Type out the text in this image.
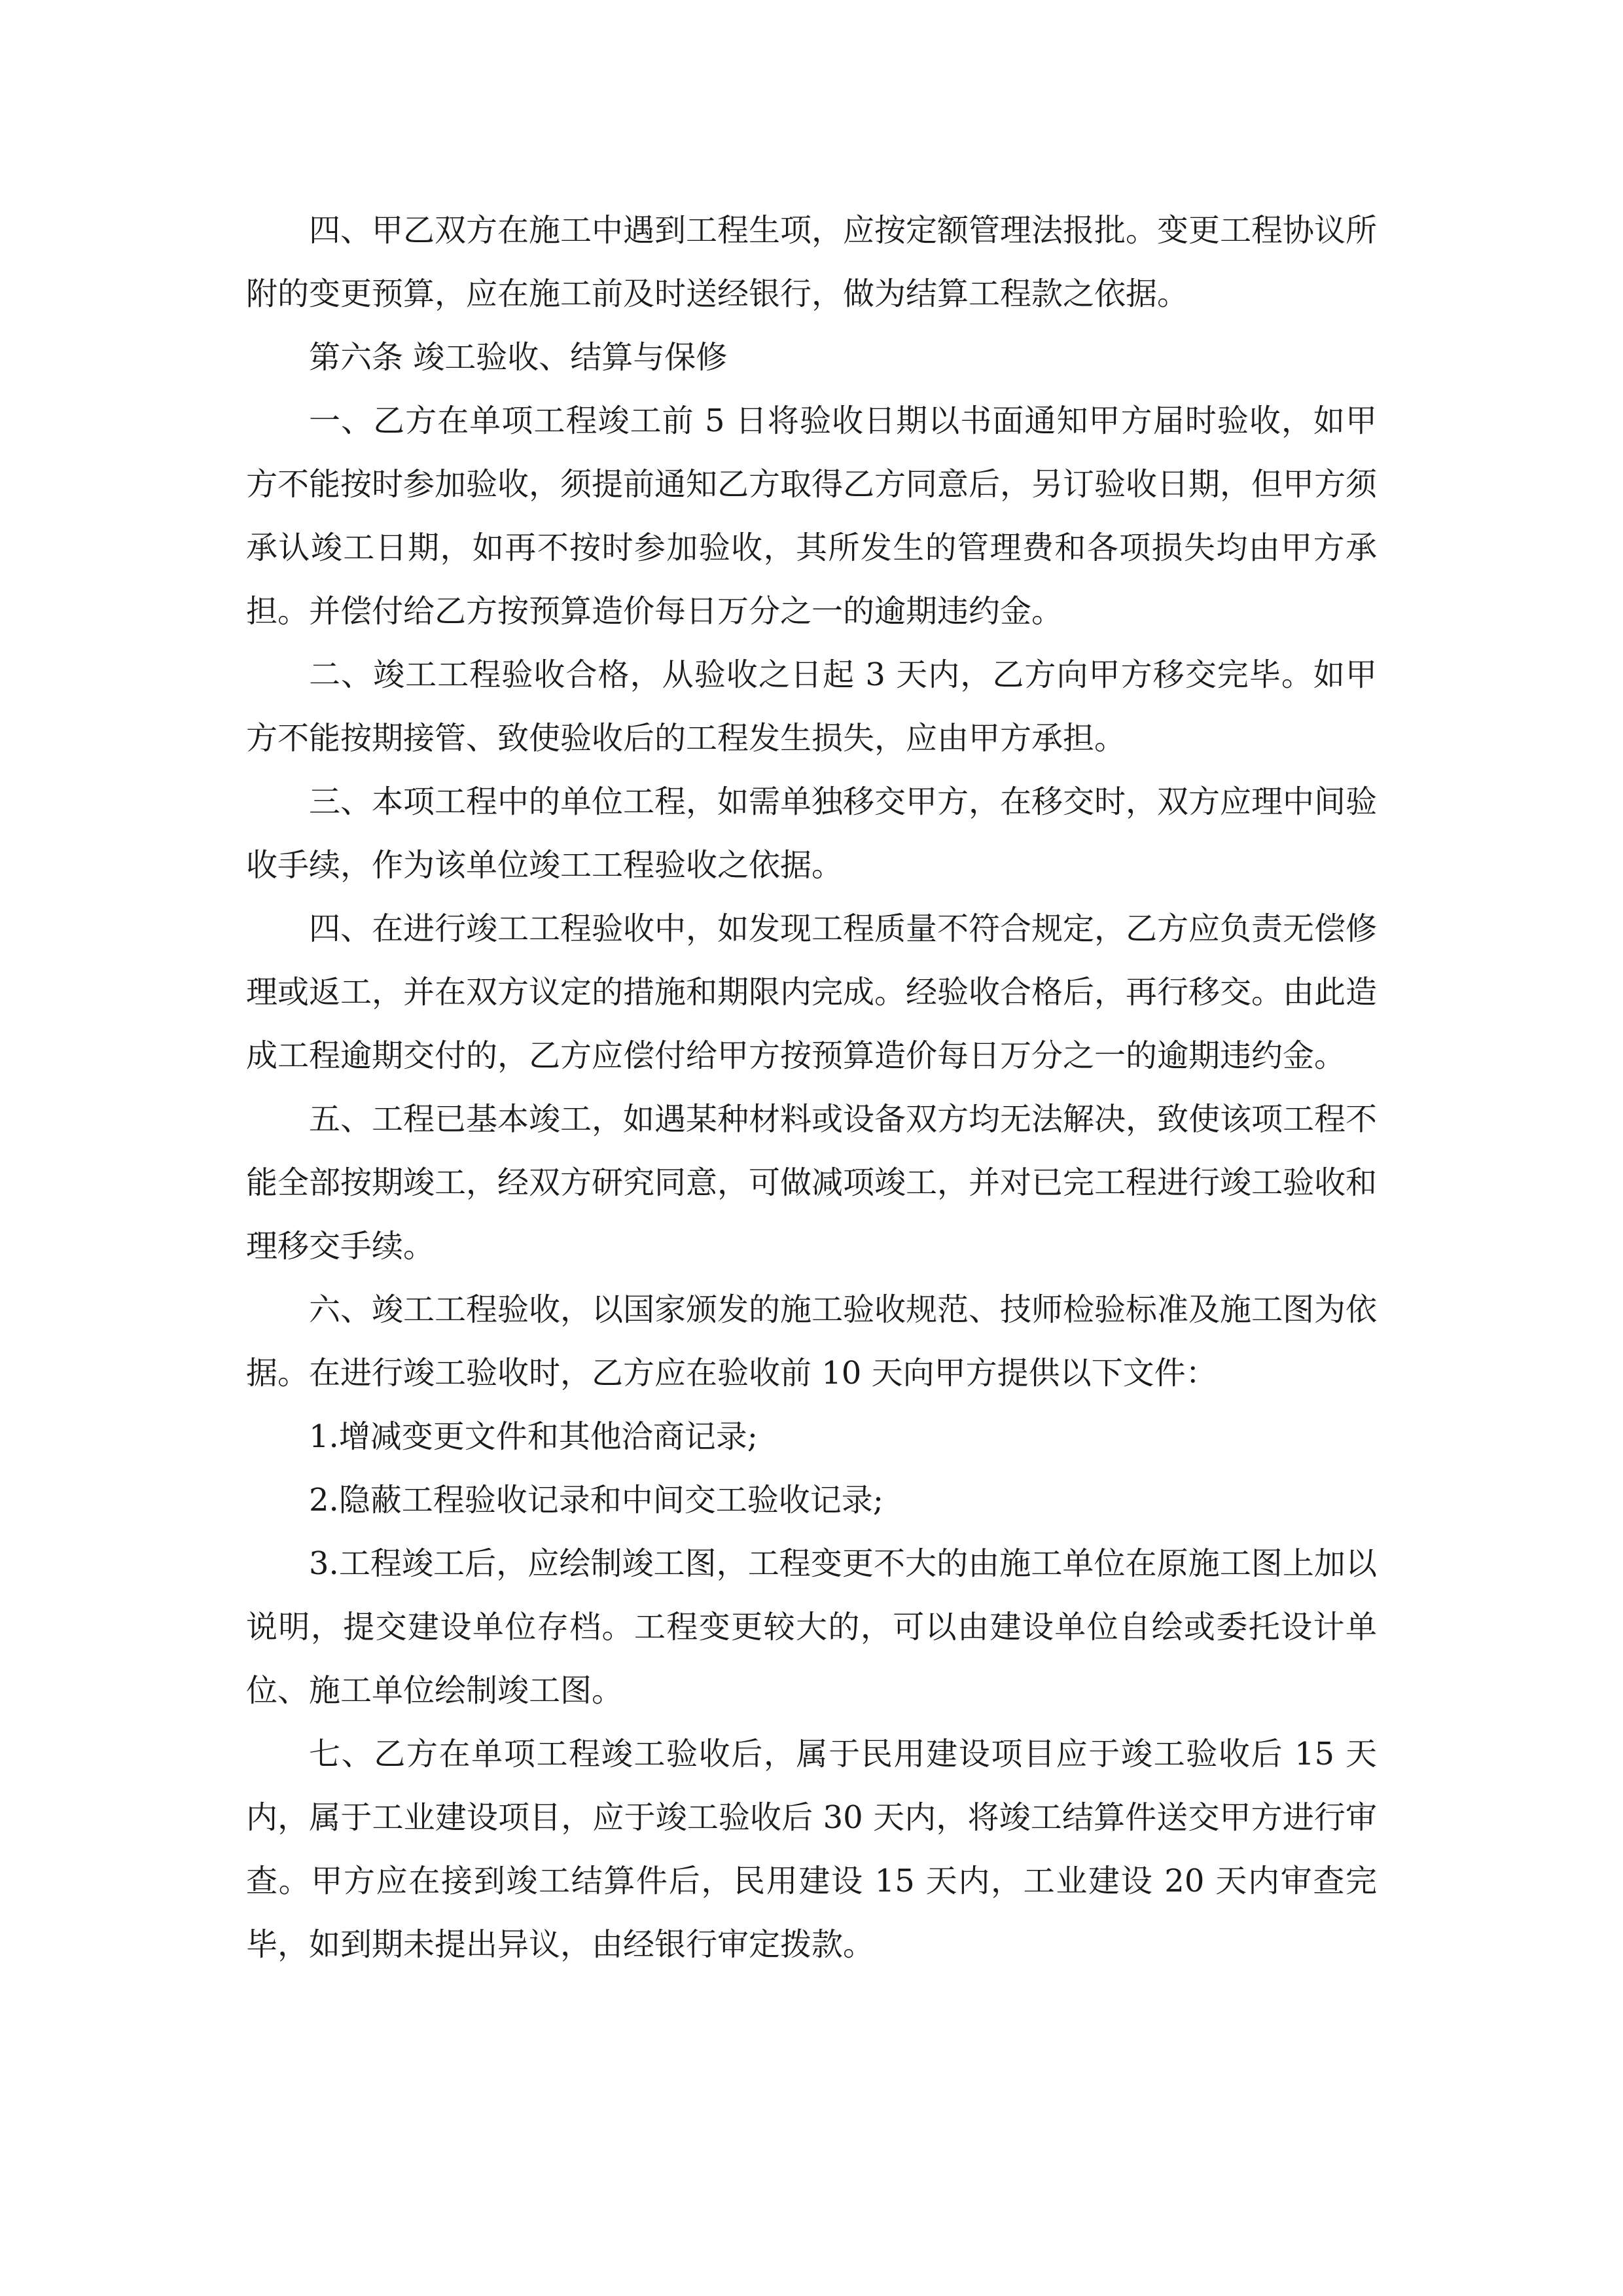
四、甲乙双方在施工中遇到工程生项，应按定额管理法报批。变更工程协议所附的变更预算，应在施工前及时送经银行，做为结算工程款之依据。

第六条 竣工验收、结算与保修

一、乙方在单项工程竣工前 5 日将验收日期以书面通知甲方届时验收，如甲方不能按时参加验收，须提前通知乙方取得乙方同意后，另订验收日期，但甲方须承认竣工日期，如再不按时参加验收，其所发生的管理费和各项损失均由甲方承担。并偿付给乙方按预算造价每日万分之一的逾期违约金。

二、竣工工程验收合格，从验收之日起 3 天内，乙方向甲方移交完毕。如甲方不能按期接管、致使验收后的工程发生损失，应由甲方承担。

三、本项工程中的单位工程，如需单独移交甲方，在移交时，双方应理中间验收手续，作为该单位竣工工程验收之依据。

四、在进行竣工工程验收中，如发现工程质量不符合规定，乙方应负责无偿修理或返工，并在双方议定的措施和期限内完成。经验收合格后，再行移交。由此造成工程逾期交付的，乙方应偿付给甲方按预算造价每日万分之一的逾期违约金。

五、工程已基本竣工，如遇某种材料或设备双方均无法解决，致使该项工程不能全部按期竣工，经双方研究同意，可做减项竣工，并对已完工程进行竣工验收和理移交手续。

六、竣工工程验收，以国家颁发的施工验收规范、技师检验标准及施工图为依据。在进行竣工验收时，乙方应在验收前 10 天向甲方提供以下文件：

1.增减变更文件和其他洽商记录;

2.隐蔽工程验收记录和中间交工验收记录;

3.工程竣工后，应绘制竣工图，工程变更不大的由施工单位在原施工图上加以说明，提交建设单位存档。工程变更较大的，可以由建设单位自绘或委托设计单位、施工单位绘制竣工图。

七、乙方在单项工程竣工验收后，属于民用建设项目应于竣工验收后 15 天内，属于工业建设项目，应于竣工验收后 30 天内，将竣工结算件送交甲方进行审查。甲方应在接到竣工结算件后，民用建设 15 天内，工业建设 20 天内审查完毕，如到期未提出异议，由经银行审定拨款。
